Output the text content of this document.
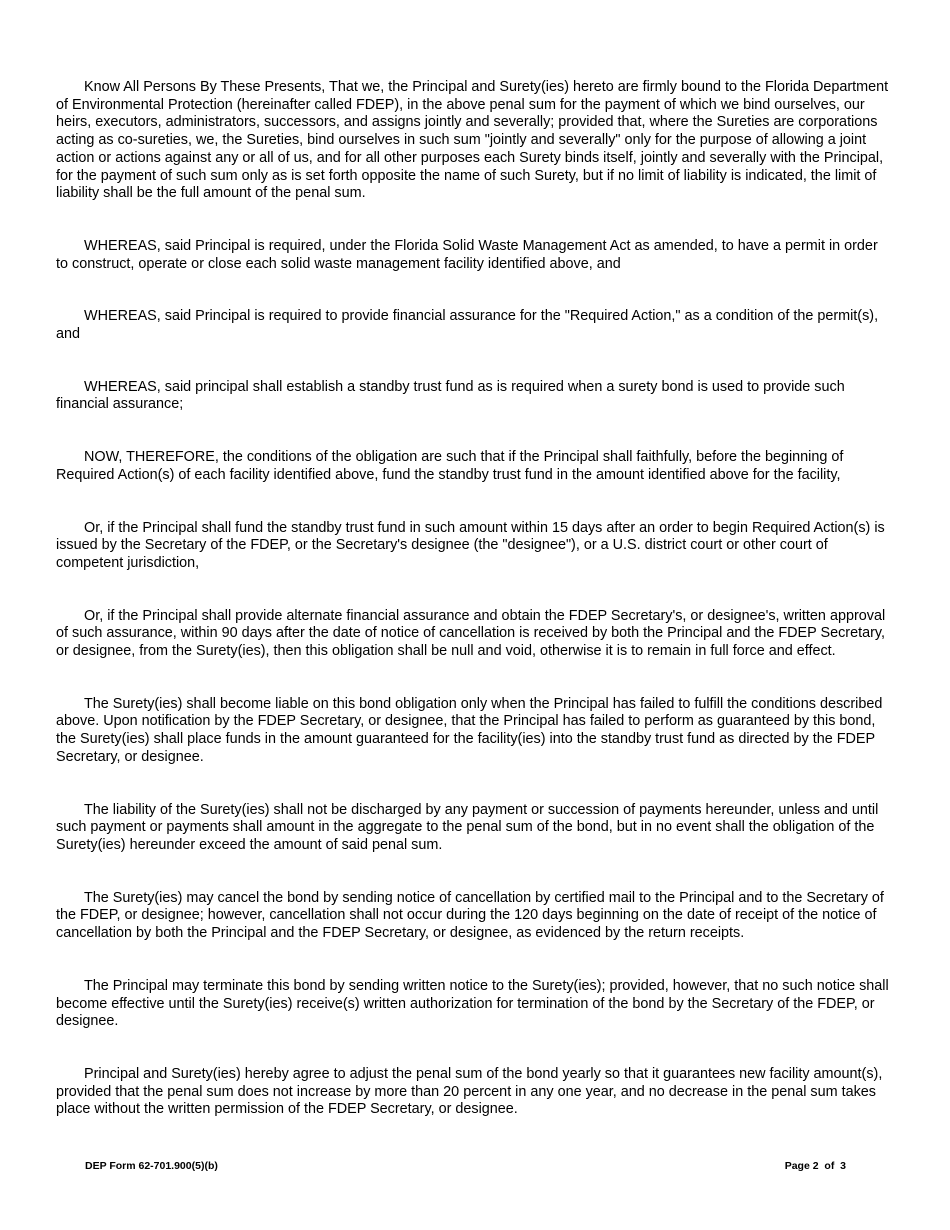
Know All Persons By These Presents, That we, the Principal and Surety(ies) hereto are firmly bound to the Florida Department of Environmental Protection (hereinafter called FDEP), in the above penal sum for the payment of which we bind ourselves, our heirs, executors, administrators, successors, and assigns jointly and severally; provided that, where the Sureties are corporations acting as co-sureties, we, the Sureties, bind ourselves in such sum "jointly and severally" only for the purpose of allowing a joint action or actions against any or all of us, and for all other purposes each Surety binds itself, jointly and severally with the Principal, for the payment of such sum only as is set forth opposite the name of such Surety, but if no limit of liability is indicated, the limit of liability shall be the full amount of the penal sum.

WHEREAS, said Principal is required, under the Florida Solid Waste Management Act as amended, to have a permit in order to construct, operate or close each solid waste management facility identified above, and

WHEREAS, said Principal is required to provide financial assurance for the "Required Action," as a condition of the permit(s), and

WHEREAS, said principal shall establish a standby trust fund as is required when a surety bond is used to provide such financial assurance;

NOW, THEREFORE, the conditions of the obligation are such that if the Principal shall faithfully, before the beginning of Required Action(s) of each facility identified above, fund the standby trust fund in the amount identified above for the facility,

Or, if the Principal shall fund the standby trust fund in such amount within 15 days after an order to begin Required Action(s) is issued by the Secretary of the FDEP, or the Secretary's designee (the "designee"), or a U.S. district court or other court of competent jurisdiction,

Or, if the Principal shall provide alternate financial assurance and obtain the FDEP Secretary's, or designee's, written approval of such assurance, within 90 days after the date of notice of cancellation is received by both the Principal and the FDEP Secretary, or designee, from the Surety(ies), then this obligation shall be null and void, otherwise it is to remain in full force and effect.

The Surety(ies) shall become liable on this bond obligation only when the Principal has failed to fulfill the conditions described above. Upon notification by the FDEP Secretary, or designee, that the Principal has failed to perform as guaranteed by this bond, the Surety(ies) shall place funds in the amount guaranteed for the facility(ies) into the standby trust fund as directed by the FDEP Secretary, or designee.

The liability of the Surety(ies) shall not be discharged by any payment or succession of payments hereunder, unless and until such payment or payments shall amount in the aggregate to the penal sum of the bond, but in no event shall the obligation of the Surety(ies) hereunder exceed the amount of said penal sum.

The Surety(ies) may cancel the bond by sending notice of cancellation by certified mail to the Principal and to the Secretary of the FDEP, or designee; however, cancellation shall not occur during the 120 days beginning on the date of receipt of the notice of cancellation by both the Principal and the FDEP Secretary, or designee, as evidenced by the return receipts.

The Principal may terminate this bond by sending written notice to the Surety(ies); provided, however, that no such notice shall become effective until the Surety(ies) receive(s) written authorization for termination of the bond by the Secretary of the FDEP, or designee.

Principal and Surety(ies) hereby agree to adjust the penal sum of the bond yearly so that it guarantees new facility amount(s), provided that the penal sum does not increase by more than 20 percent in any one year, and no decrease in the penal sum takes place without the written permission of the FDEP Secretary, or designee.

DEP Form 62-701.900(5)(b)	Page 2  of  3
